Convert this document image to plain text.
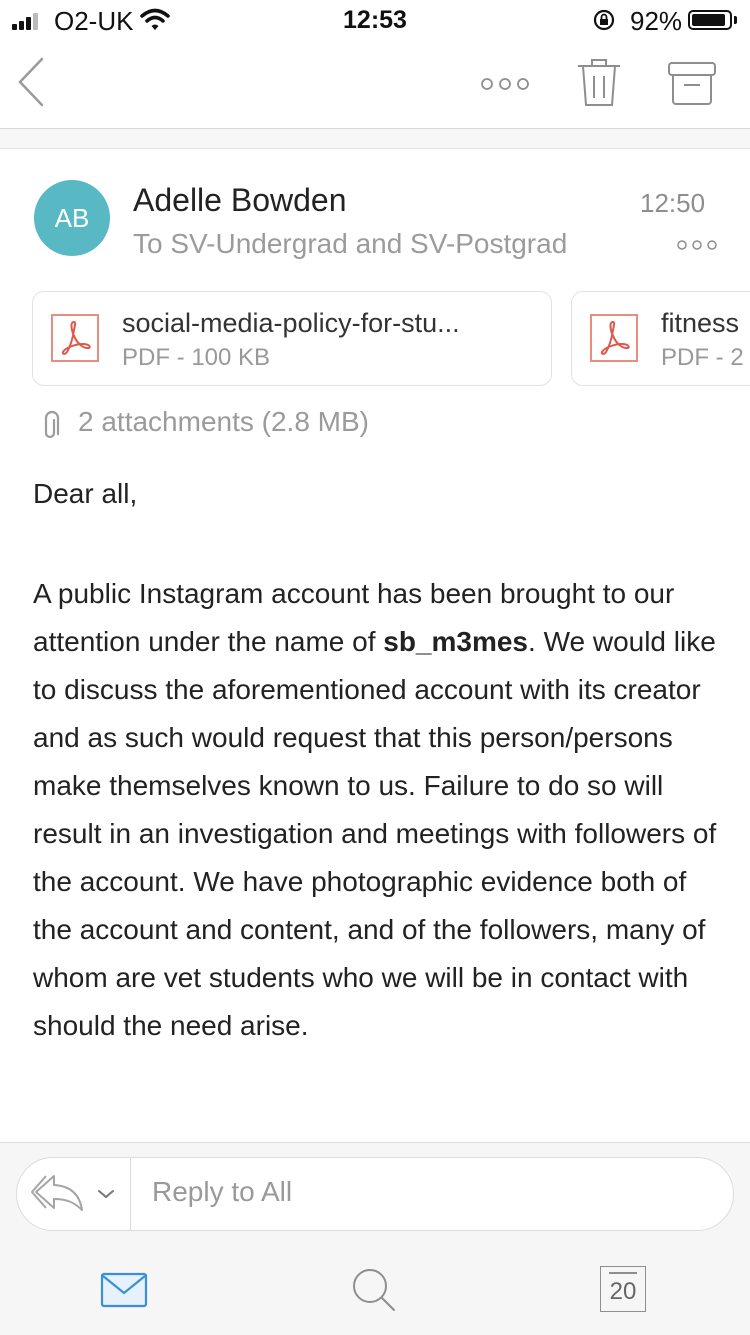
O2-UK	12:53	92%
AB	Adelle Bowden
To SV-Undergrad and SV-Postgrad
12:50
social-media-policy-for-stu...
PDF - 100 KB
fitness
PDF - 2
2 attachments (2.8 MB)
Dear all,
A public Instagram account has been brought to our attention under the name of sb_m3mes. We would like to discuss the aforementioned account with its creator and as such would request that this person/persons make themselves known to us. Failure to do so will result in an investigation and meetings with followers of the account. We have photographic evidence both of the account and content, and of the followers, many of whom are vet students who we will be in contact with should the need arise.
Reply to All
20
